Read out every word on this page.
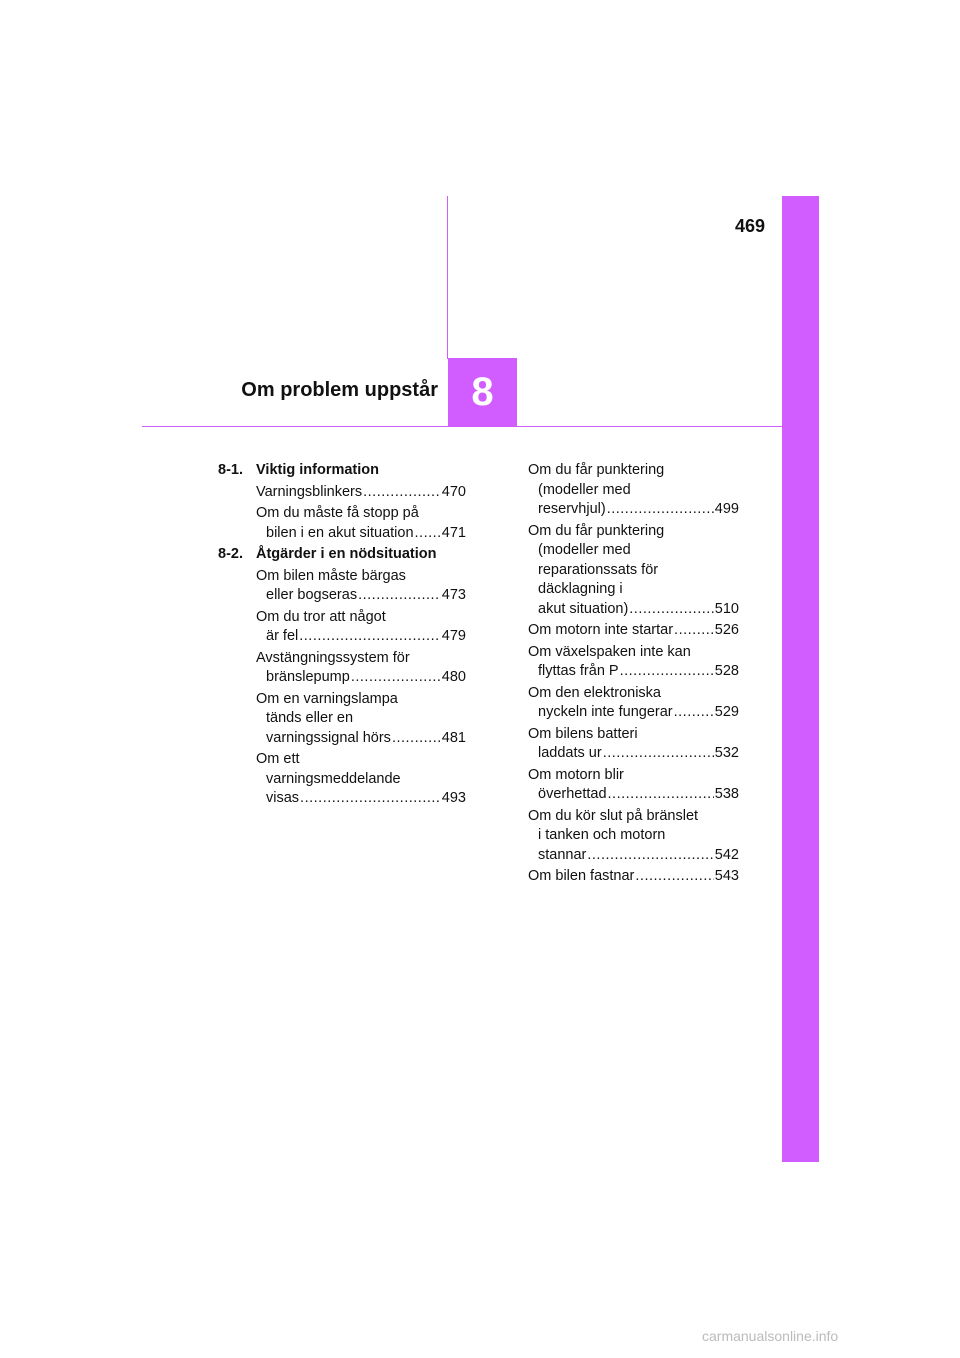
469
Om problem uppstår 8
8-1. Viktig information
Varningsblinkers .....	470
Om du måste få stopp på
bilen i en akut situation ..... 471
8-2. Åtgärder i en nödsituation
Om bilen måste bärgas
eller bogseras .....	473
Om du tror att något
är fel .....	479
Avstängningssystem för
bränslepump .....	480
Om en varningslampa
tänds eller en
varningssignal hörs .....	481
Om ett
varningsmeddelande
visas .....	493
Om du får punktering
(modeller med
reservhjul) .....	499
Om du får punktering
(modeller med
reparationssats för
däcklagning i
akut situation) .....	510
Om motorn inte startar .....	526
Om växelspaken inte kan
flyttas från P .....	528
Om den elektroniska
nyckeln inte fungerar .....	529
Om bilens batteri
laddats ur .....	532
Om motorn blir
överhettad .....	538
Om du kör slut på bränslet
i tanken och motorn
stannar .....	542
Om bilen fastnar .....	543
carmanualsonline.info
